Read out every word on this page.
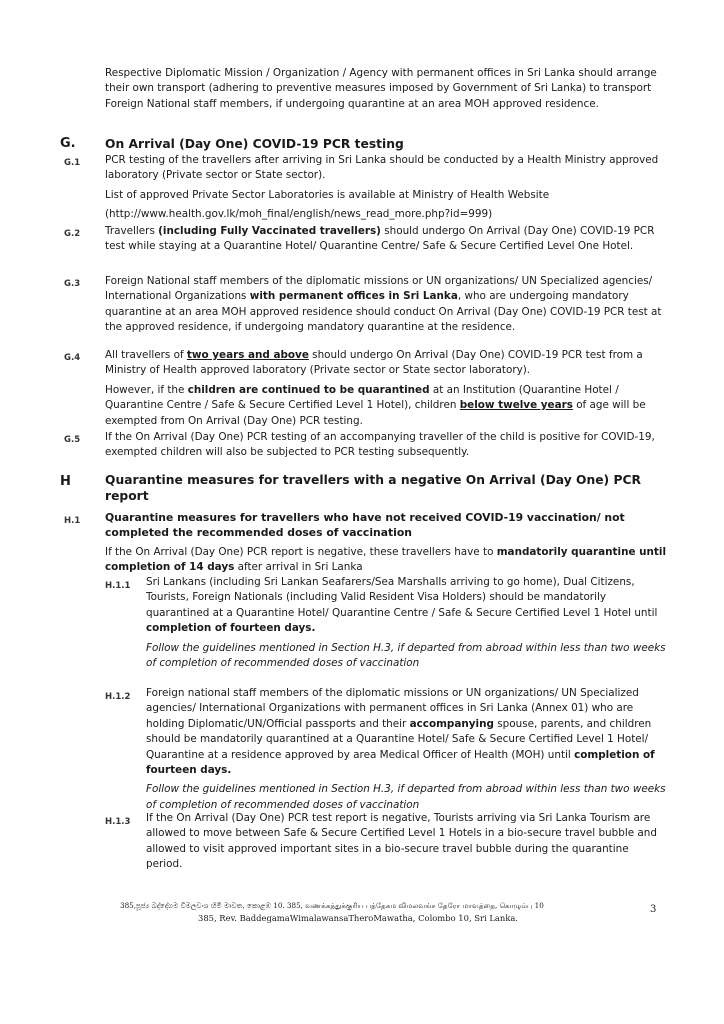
Respective Diplomatic Mission / Organization / Agency with permanent offices in Sri Lanka should arrange their own transport (adhering to preventive measures imposed by Government of Sri Lanka) to transport Foreign National staff members, if undergoing quarantine at an area MOH approved residence.

G. On Arrival (Day One) COVID-19 PCR testing
G.1 PCR testing of the travellers after arriving in Sri Lanka should be conducted by a Health Ministry approved laboratory (Private sector or State sector).

List of approved Private Sector Laboratories is available at Ministry of Health Website

(http://www.health.gov.lk/moh_final/english/news_read_more.php?id=999)

G.2 Travellers (including Fully Vaccinated travellers) should undergo On Arrival (Day One) COVID-19 PCR test while staying at a Quarantine Hotel/ Quarantine Centre/ Safe & Secure Certified Level One Hotel.

G.3 Foreign National staff members of the diplomatic missions or UN organizations/ UN Specialized agencies/ International Organizations with permanent offices in Sri Lanka, who are undergoing mandatory quarantine at an area MOH approved residence should conduct On Arrival (Day One) COVID-19 PCR test at the approved residence, if undergoing mandatory quarantine at the residence.

G.4 All travellers of two years and above should undergo On Arrival (Day One) COVID-19 PCR test from a Ministry of Health approved laboratory (Private sector or State sector laboratory).

However, if the children are continued to be quarantined at an Institution (Quarantine Hotel / Quarantine Centre / Safe & Secure Certified Level 1 Hotel), children below twelve years of age will be exempted from On Arrival (Day One) PCR testing.

G.5 If the On Arrival (Day One) PCR testing of an accompanying traveller of the child is positive for COVID-19, exempted children will also be subjected to PCR testing subsequently.

H	Quarantine measures for travellers with a negative On Arrival (Day One) PCR report
H.1 Quarantine measures for travellers who have not received COVID-19 vaccination/ not completed the recommended doses of vaccination

If the On Arrival (Day One) PCR report is negative, these travellers have to mandatorily quarantine until completion of 14 days after arrival in Sri Lanka

H.1.1 Sri Lankans (including Sri Lankan Seafarers/Sea Marshalls arriving to go home), Dual Citizens, Tourists, Foreign Nationals (including Valid Resident Visa Holders) should be mandatorily quarantined at a Quarantine Hotel/ Quarantine Centre / Safe & Secure Certified Level 1 Hotel until completion of fourteen days.

Follow the guidelines mentioned in Section H.3, if departed from abroad within less than two weeks of completion of recommended doses of vaccination

H.1.2 Foreign national staff members of the diplomatic missions or UN organizations/ UN Specialized agencies/ International Organizations with permanent offices in Sri Lanka (Annex 01) who are holding Diplomatic/UN/Official passports and their accompanying spouse, parents, and children should be mandatorily quarantined at a Quarantine Hotel/ Safe & Secure Certified Level 1 Hotel/ Quarantine at a residence approved by area Medical Officer of Health (MOH) until completion of fourteen days.

Follow the guidelines mentioned in Section H.3, if departed from abroad within less than two weeks of completion of recommended doses of vaccination

H.1.3 If the On Arrival (Day One) PCR test report is negative, Tourists arriving via Sri Lanka Tourism are allowed to move between Safe & Secure Certified Level 1 Hotels in a bio-secure travel bubble and allowed to visit approved important sites in a bio-secure travel bubble during the quarantine period.

385,පූජ්‍ය බද්දේගම විමලවංශ හිමි මාවත, කොළඹ 10. 385, வணக்கத்துக்குரிய பத்தேகம விமலவங்ச தேரோ மாவத்தை, கொழும்பு 10
385, Rev. BaddegamaWimalawansaTheroMawatha, Colombo 10, Sri Lanka.
3
